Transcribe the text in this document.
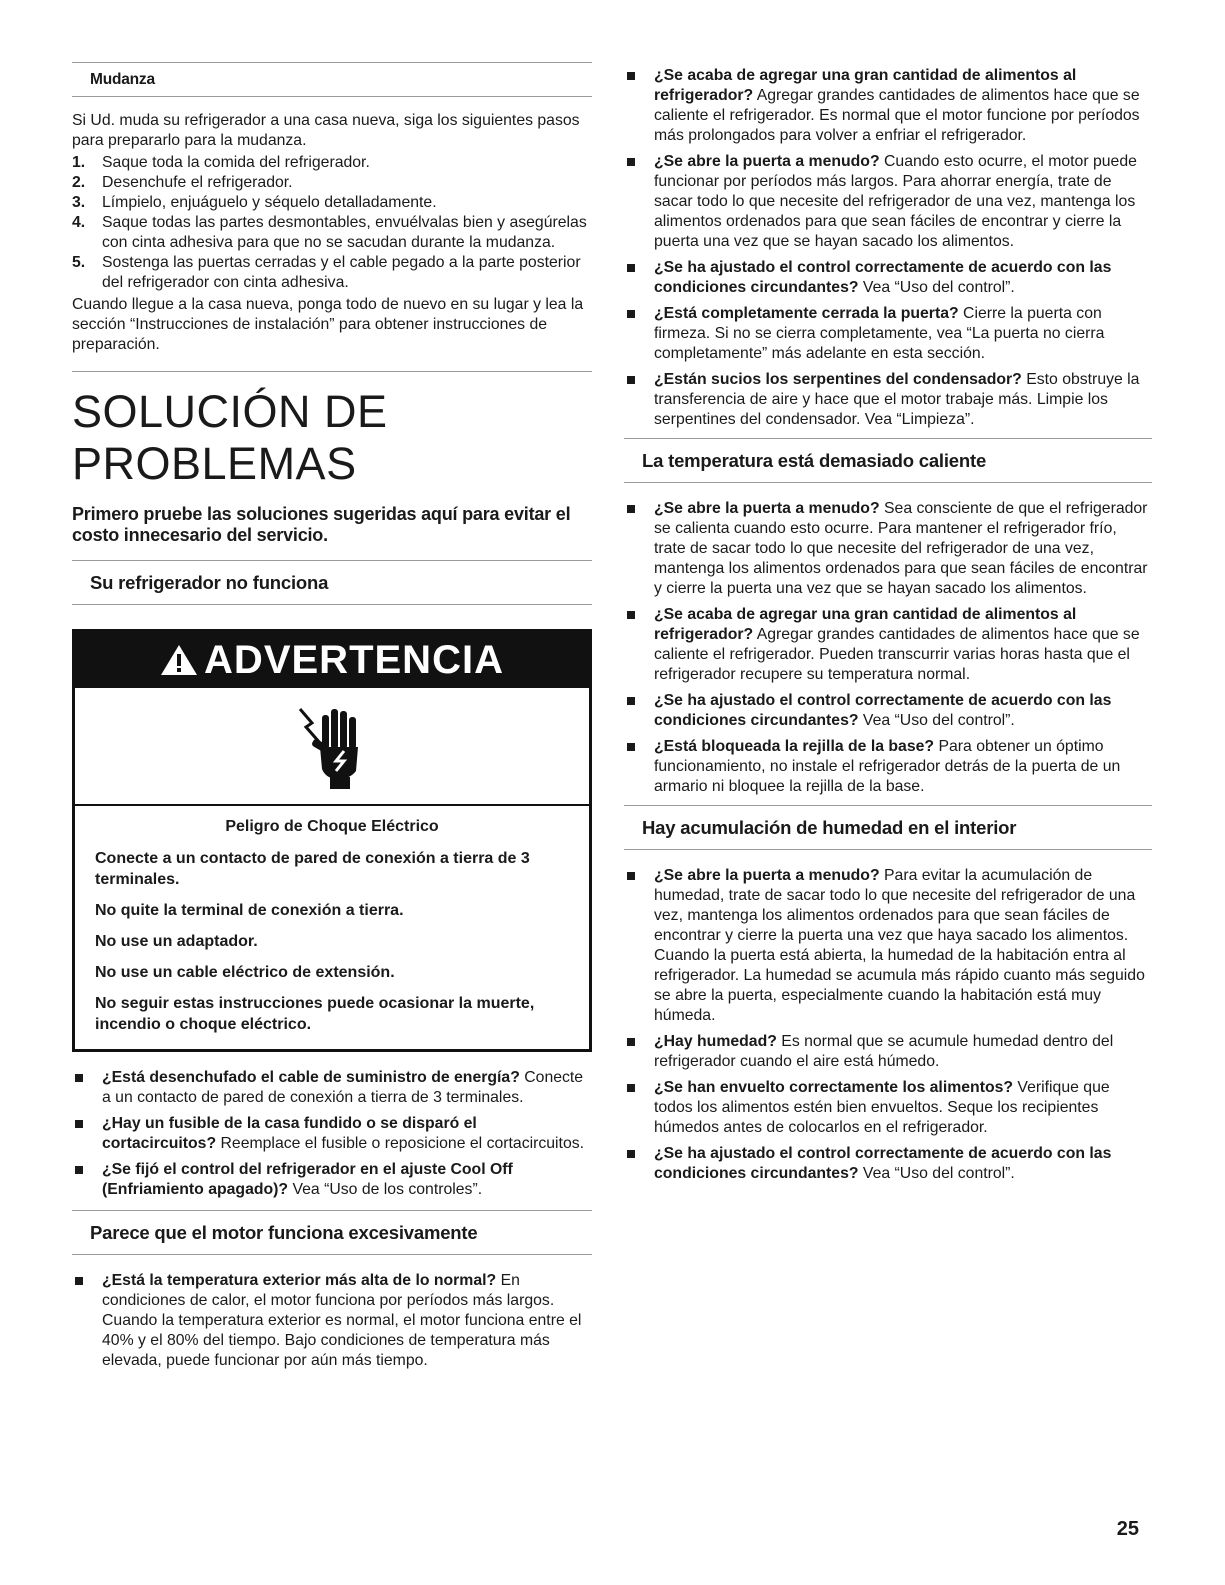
Mudanza

Si Ud. muda su refrigerador a una casa nueva, siga los siguientes pasos para prepararlo para la mudanza.

1. Saque toda la comida del refrigerador.
2. Desenchufe el refrigerador.
3. Límpielo, enjuáguelo y séquelo detalladamente.
4. Saque todas las partes desmontables, envuélvalas bien y asegúrelas con cinta adhesiva para que no se sacudan durante la mudanza.
5. Sostenga las puertas cerradas y el cable pegado a la parte posterior del refrigerador con cinta adhesiva.

Cuando llegue a la casa nueva, ponga todo de nuevo en su lugar y lea la sección “Instrucciones de instalación” para obtener instrucciones de preparación.

SOLUCIÓN DE PROBLEMAS
Primero pruebe las soluciones sugeridas aquí para evitar el costo innecesario del servicio.
Su refrigerador no funciona
ADVERTENCIA
Peligro de Choque Eléctrico

Conecte a un contacto de pared de conexión a tierra de 3 terminales.

No quite la terminal de conexión a tierra.

No use un adaptador.

No use un cable eléctrico de extensión.

No seguir estas instrucciones puede ocasionar la muerte, incendio o choque eléctrico.

¿Está desenchufado el cable de suministro de energía? Conecte a un contacto de pared de conexión a tierra de 3 terminales.
¿Hay un fusible de la casa fundido o se disparó el cortacircuitos? Reemplace el fusible o reposicione el cortacircuitos.
¿Se fijó el control del refrigerador en el ajuste Cool Off (Enfriamiento apagado)? Vea “Uso de los controles”.
Parece que el motor funciona excesivamente
¿Está la temperatura exterior más alta de lo normal? En condiciones de calor, el motor funciona por períodos más largos. Cuando la temperatura exterior es normal, el motor funciona entre el 40% y el 80% del tiempo. Bajo condiciones de temperatura más elevada, puede funcionar por aún más tiempo.
¿Se acaba de agregar una gran cantidad de alimentos al refrigerador? Agregar grandes cantidades de alimentos hace que se caliente el refrigerador. Es normal que el motor funcione por períodos más prolongados para volver a enfriar el refrigerador.
¿Se abre la puerta a menudo? Cuando esto ocurre, el motor puede funcionar por períodos más largos. Para ahorrar energía, trate de sacar todo lo que necesite del refrigerador de una vez, mantenga los alimentos ordenados para que sean fáciles de encontrar y cierre la puerta una vez que se hayan sacado los alimentos.
¿Se ha ajustado el control correctamente de acuerdo con las condiciones circundantes? Vea “Uso del control”.
¿Está completamente cerrada la puerta? Cierre la puerta con firmeza. Si no se cierra completamente, vea “La puerta no cierra completamente” más adelante en esta sección.
¿Están sucios los serpentines del condensador? Esto obstruye la transferencia de aire y hace que el motor trabaje más. Limpie los serpentines del condensador. Vea “Limpieza”.
La temperatura está demasiado caliente
¿Se abre la puerta a menudo? Sea consciente de que el refrigerador se calienta cuando esto ocurre. Para mantener el refrigerador frío, trate de sacar todo lo que necesite del refrigerador de una vez, mantenga los alimentos ordenados para que sean fáciles de encontrar y cierre la puerta una vez que se hayan sacado los alimentos.
¿Se acaba de agregar una gran cantidad de alimentos al refrigerador? Agregar grandes cantidades de alimentos hace que se caliente el refrigerador. Pueden transcurrir varias horas hasta que el refrigerador recupere su temperatura normal.
¿Se ha ajustado el control correctamente de acuerdo con las condiciones circundantes? Vea “Uso del control”.
¿Está bloqueada la rejilla de la base? Para obtener un óptimo funcionamiento, no instale el refrigerador detrás de la puerta de un armario ni bloquee la rejilla de la base.
Hay acumulación de humedad en el interior
¿Se abre la puerta a menudo? Para evitar la acumulación de humedad, trate de sacar todo lo que necesite del refrigerador de una vez, mantenga los alimentos ordenados para que sean fáciles de encontrar y cierre la puerta una vez que haya sacado los alimentos. Cuando la puerta está abierta, la humedad de la habitación entra al refrigerador. La humedad se acumula más rápido cuanto más seguido se abre la puerta, especialmente cuando la habitación está muy húmeda.
¿Hay humedad? Es normal que se acumule humedad dentro del refrigerador cuando el aire está húmedo.
¿Se han envuelto correctamente los alimentos? Verifique que todos los alimentos estén bien envueltos. Seque los recipientes húmedos antes de colocarlos en el refrigerador.
¿Se ha ajustado el control correctamente de acuerdo con las condiciones circundantes? Vea “Uso del control”.
25
